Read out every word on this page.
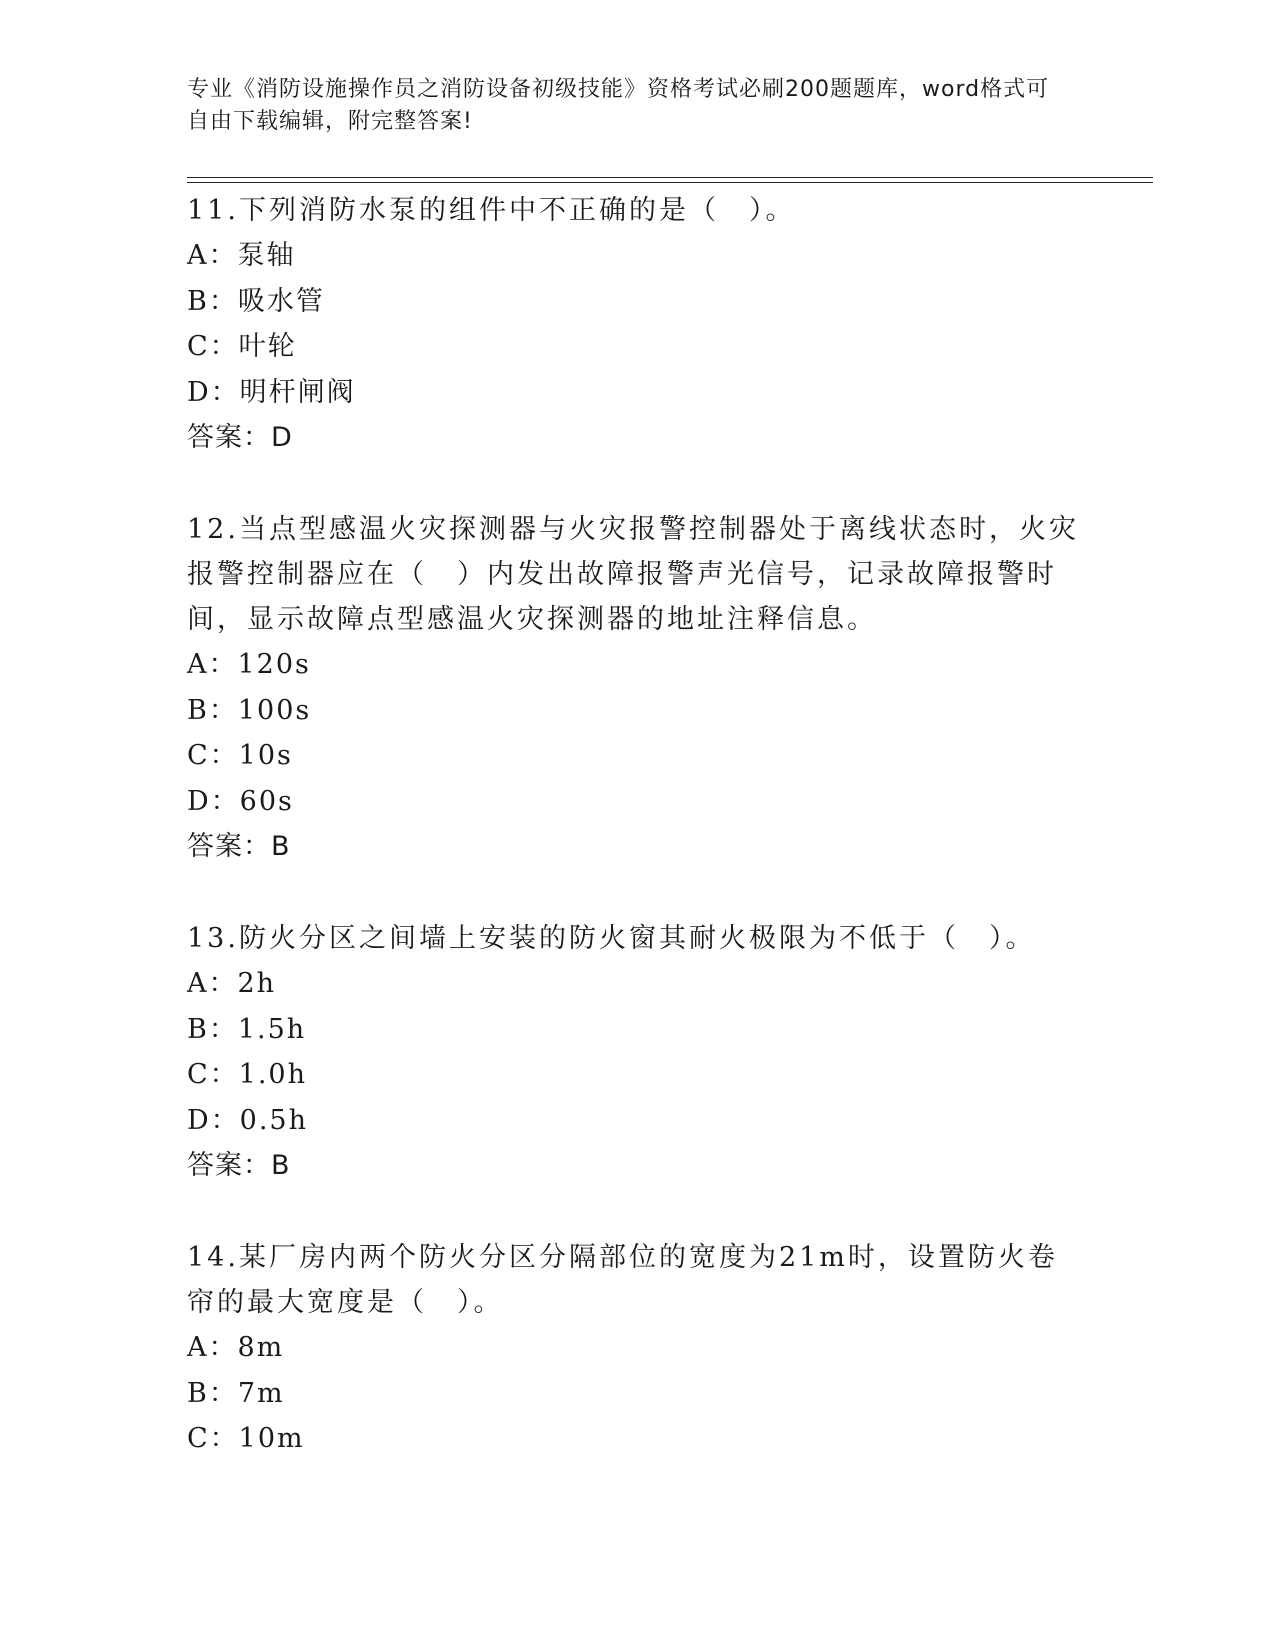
专业《消防设施操作员之消防设备初级技能》资格考试必刷200题题库，word格式可自由下载编辑，附完整答案!

11.下列消防水泵的组件中不正确的是（　）。

A：泵轴

B：吸水管

C：叶轮

D：明杆闸阀

答案：D

12.当点型感温火灾探测器与火灾报警控制器处于离线状态时，火灾报警控制器应在（　）内发出故障报警声光信号，记录故障报警时间，显示故障点型感温火灾探测器的地址注释信息。

A：120s

B：100s

C：10s

D：60s

答案：B

13.防火分区之间墙上安装的防火窗其耐火极限为不低于（　）。

A：2h

B：1.5h

C：1.0h

D：0.5h

答案：B

14.某厂房内两个防火分区分隔部位的宽度为21m时，设置防火卷帘的最大宽度是（　）。

A：8m

B：7m

C：10m
